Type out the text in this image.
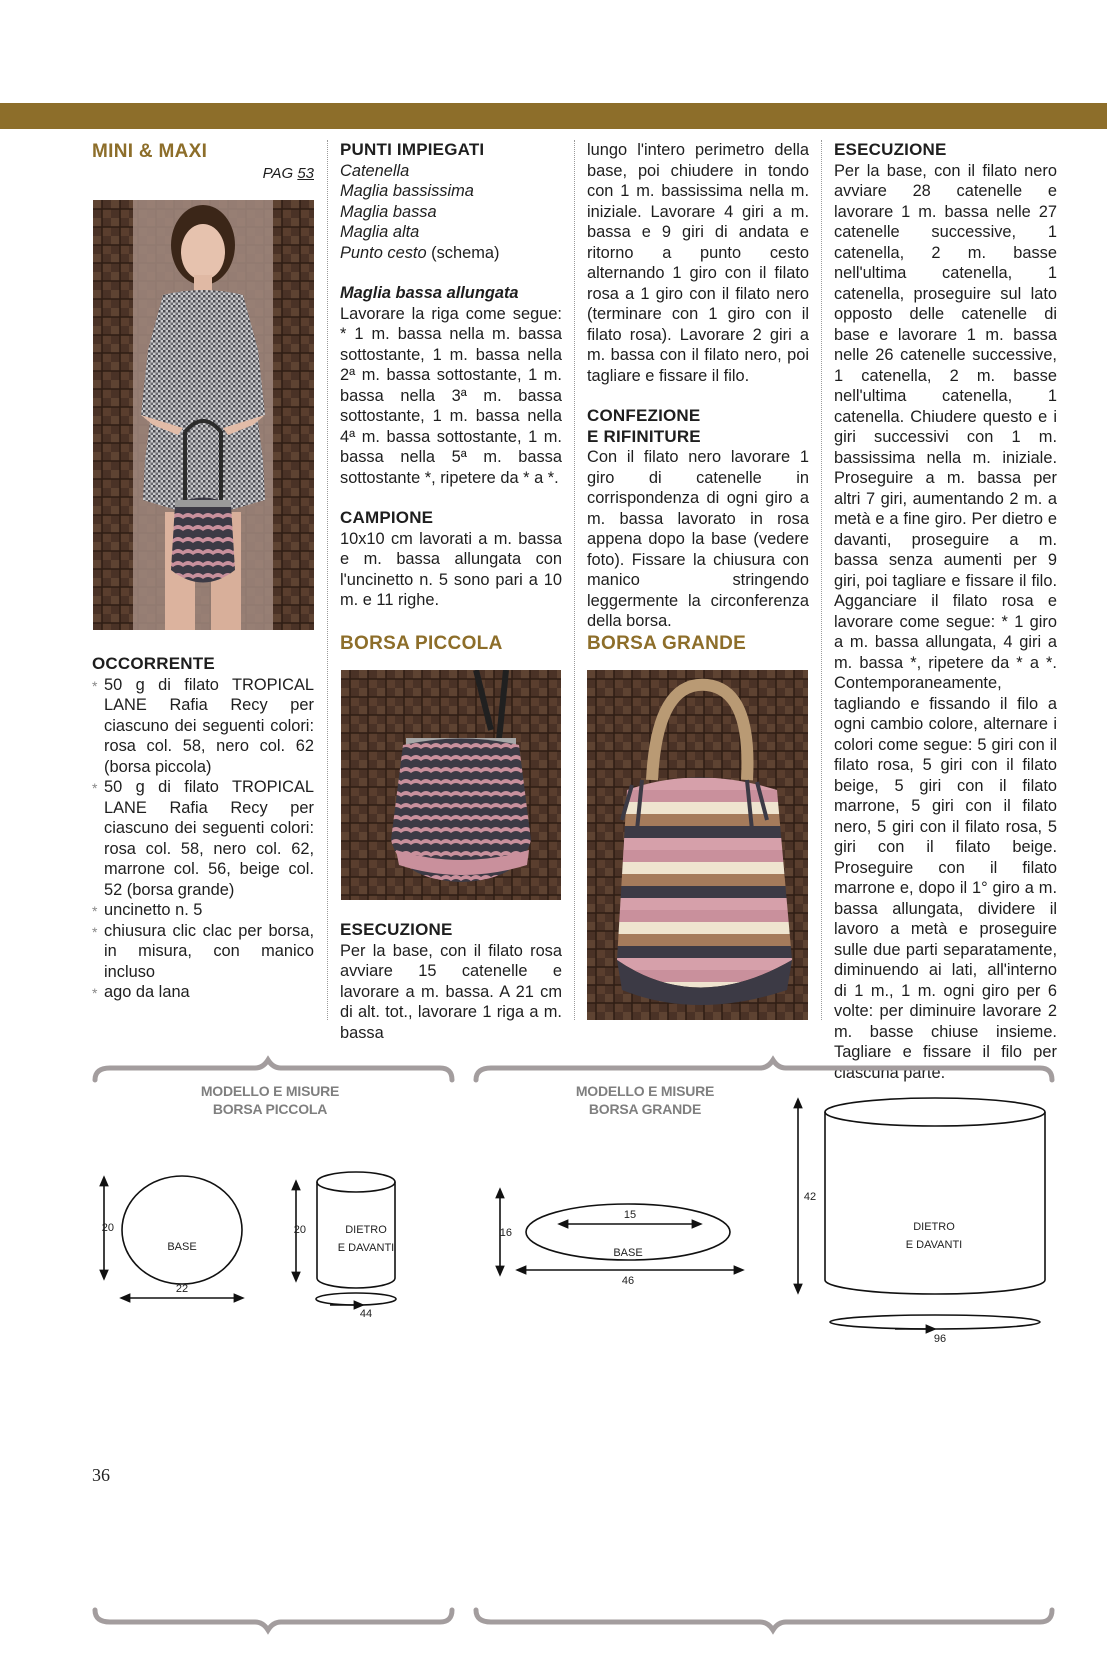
MINI & MAXI
PAG 53
OCCORRENTE
* 50 g di filato TROPICAL LANE Rafia Recy per ciascuno dei seguenti colori: rosa col. 58, nero col. 62 (borsa piccola)
* 50 g di filato TROPICAL LANE Rafia Recy per ciascuno dei seguenti colori: rosa col. 58, nero col. 62, marrone col. 56, beige col. 52 (borsa grande)
* uncinetto n. 5
* chiusura clic clac per borsa, in misura, con manico incluso
* ago da lana
PUNTI IMPIEGATI
Catenella
Maglia bassissima
Maglia bassa
Maglia alta
Punto cesto (schema)
Maglia bassa allungata

Lavorare la riga come segue: * 1 m. bassa nella m. bassa sottostante, 1 m. bassa nella 2ª m. bassa sottostante, 1 m. bassa nella 3ª m. bassa sottostante, 1 m. bassa nella 4ª m. bassa sottostante, 1 m. bassa nella 5ª m. bassa sottostante *, ripetere da * a *.

CAMPIONE

10x10 cm lavorati a m. bassa e m. bassa allungata con l'uncinetto n. 5 sono pari a 10 m. e 11 righe.

BORSA PICCOLA
ESECUZIONE

Per la base, con il filato rosa avviare 15 catenelle e lavorare a m. bassa. A 21 cm di alt. tot., lavorare 1 riga a m. bassa

lungo l'intero perimetro della base, poi chiudere in tondo con 1 m. bassissima nella m. iniziale. Lavorare 4 giri a m. bassa e 9 giri di andata e ritorno a punto cesto alternando 1 giro con il filato rosa a 1 giro con il filato nero (terminare con 1 giro con il filato rosa). Lavorare 2 giri a m. bassa con il filato nero, poi tagliare e fissare il filo.

CONFEZIONE
E RIFINITURE

Con il filato nero lavorare 1 giro di catenelle in corrispondenza di ogni giro a m. bassa lavorato in rosa appena dopo la base (vedere foto). Fissare la chiusura con manico stringendo leggermente la circonferenza della borsa.

BORSA GRANDE
ESECUZIONE

Per la base, con il filato nero avviare 28 catenelle e lavorare 1 m. bassa nelle 27 catenelle successive, 1 catenella, 2 m. basse nell'ultima catenella, 1 catenella, proseguire sul lato opposto delle catenelle di base e lavorare 1 m. bassa nelle 26 catenelle successive, 1 catenella, 2 m. basse nell'ultima catenella, 1 catenella. Chiudere questo e i giri successivi con 1 m. bassissima nella m. iniziale. Proseguire a m. bassa per altri 7 giri, aumentando 2 m. a metà e a fine giro. Per dietro e davanti, proseguire a m. bassa senza aumenti per 9 giri, poi tagliare e fissare il filo. Agganciare il filato rosa e lavorare come segue: * 1 giro a m. bassa allungata, 4 giri a m. bassa *, ripetere da * a *. Contemporaneamente, tagliando e fissando il filo a ogni cambio colore, alternare i colori come segue: 5 giri con il filato rosa, 5 giri con il filato beige, 5 giri con il filato marrone, 5 giri con il filato nero, 5 giri con il filato rosa, 5 giri con il filato beige. Proseguire con il filato marrone e, dopo il 1° giro a m. bassa allungata, dividere il lavoro a metà e proseguire sulle due parti separatamente, diminuendo ai lati, all'interno di 1 m., 1 m. ogni giro per 6 volte: per diminuire lavorare 2 m. basse chiuse insieme. Tagliare e fissare il filo per ciascuna parte.

MODELLO E MISURE
BORSA PICCOLA
MODELLO E MISURE
BORSA GRANDE
20
BASE
22
20	DIETRO
E DAVANTI
44
16
15
BASE
46
42
DIETRO
E DAVANTI
96
36
